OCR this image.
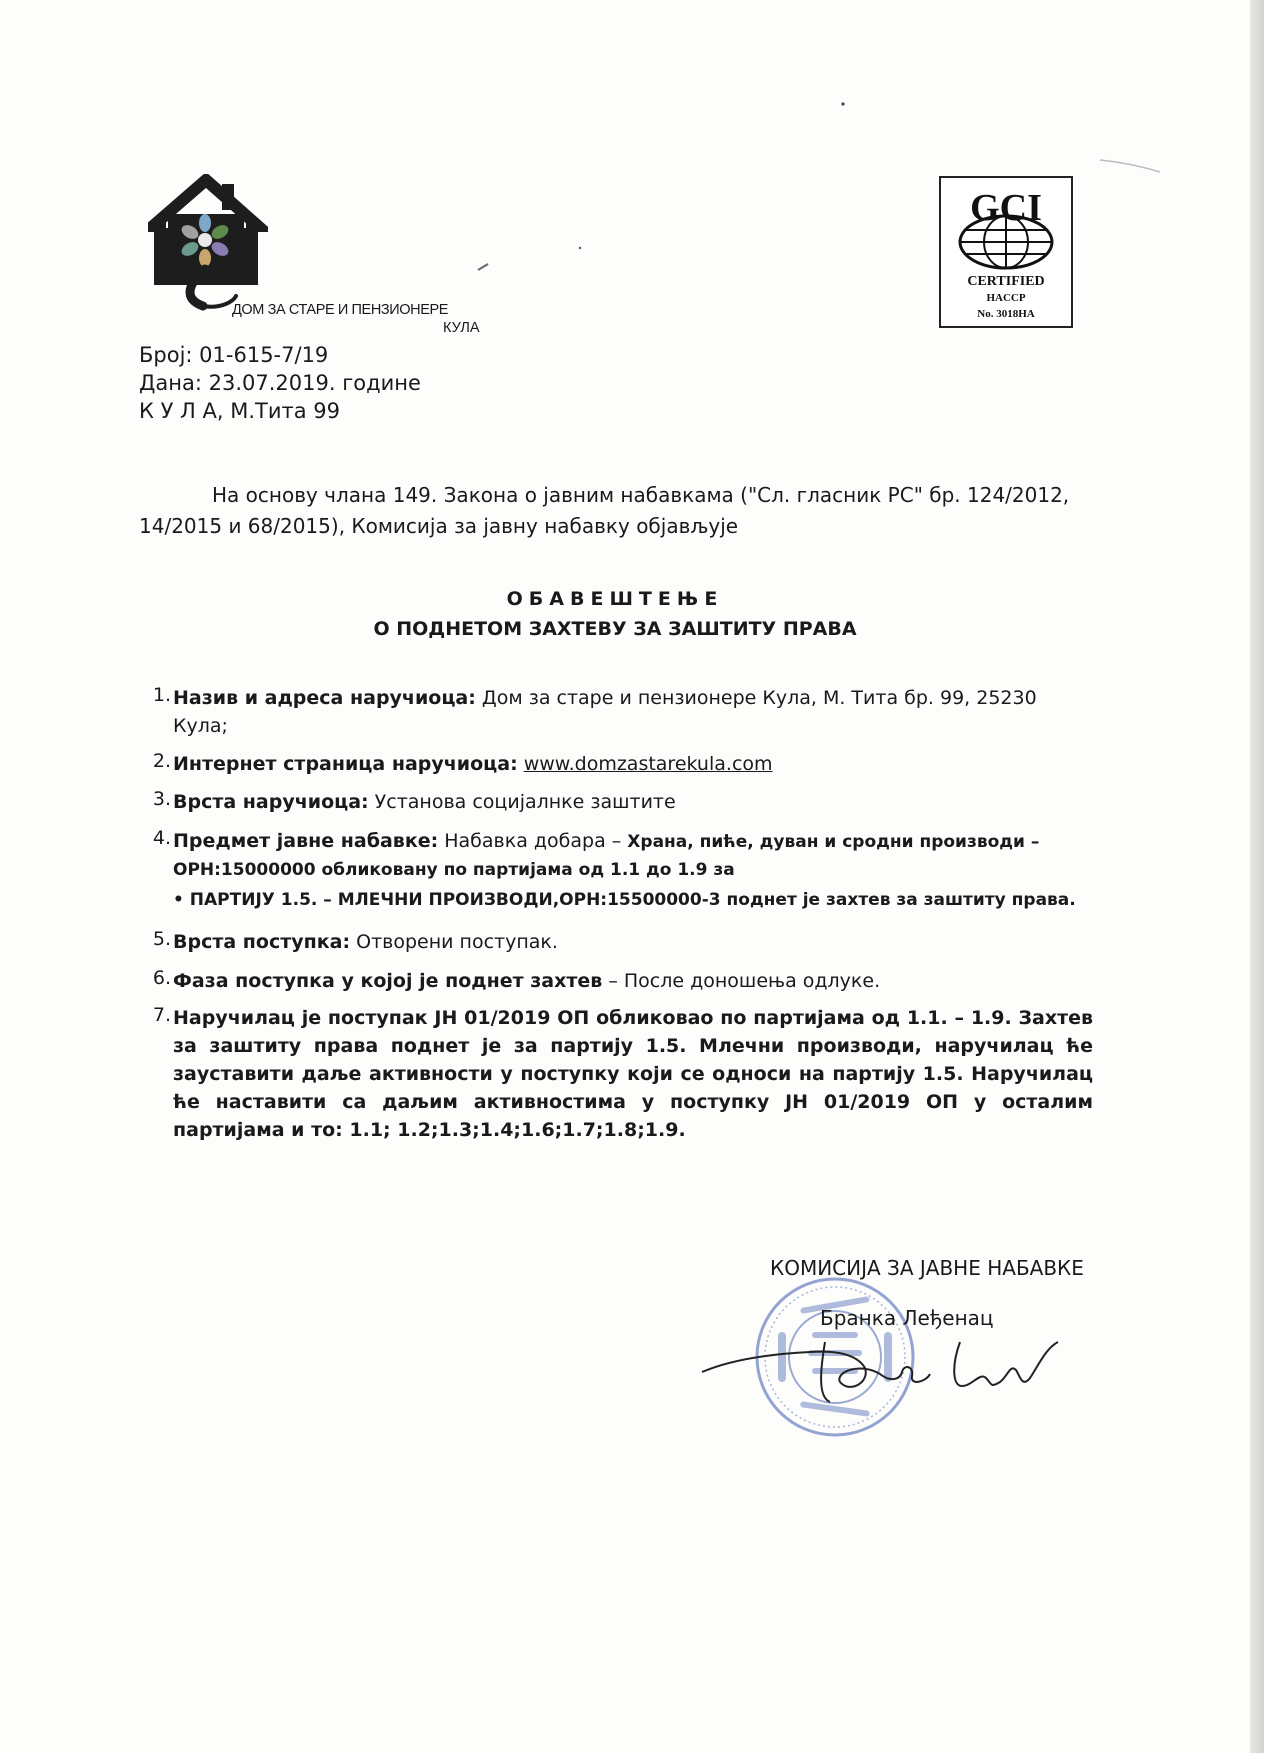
ДОМ ЗА СТАРЕ И ПЕНЗИОНЕРЕ
КУЛА
GCI
CERTIFIED
HACCP
No. 3018HA
Број: 01-615-7/19
Дана: 23.07.2019. године
К У Л А, М.Тита 99
На основу члана 149. Закона о јавним набавкама ("Сл. гласник РС" бр. 124/2012,
14/2015 и 68/2015), Комисија за јавну набавку објављује
ОБАВЕШТЕЊЕ
О ПОДНЕТОМ ЗАХТЕВУ ЗА ЗАШТИТУ ПРАВА
1. Назив и адреса наручиоца: Дом за старе и пензионере Кула, М. Тита бр. 99, 25230
Кула;
2. Интернет страница наручиоца: www.domzastarekula.com
3. Врста наручиоца: Установа социјалнке заштите
4. Предмет јавне набавке: Набавка добара – Храна, пиће, дуван и сродни производи –
ОРН:15000000 обликовану по партијама од 1.1 до 1.9 за
• ПАРТИЈУ 1.5. – МЛЕЧНИ ПРОИЗВОДИ,ОРН:15500000-3 поднет је захтев за заштиту права.
5. Врста поступка: Отворени поступак.
6. Фаза поступка у којој је поднет захтев – После доношења одлуке.
7. Наручилац је поступак ЈН 01/2019 ОП обликовао по партијама од 1.1. – 1.9. Захтев за заштиту права поднет је за партију 1.5. Млечни производи, наручилац ће зауставити даље активности у поступку који се односи на партију 1.5. Наручилац ће наставити са даљим активностима у поступку ЈН 01/2019 ОП у осталим партијама и то: 1.1; 1.2;1.3;1.4;1.6;1.7;1.8;1.9.
КОМИСИЈА ЗА ЈАВНЕ НАБАВКЕ
Бранка Лeђенац
